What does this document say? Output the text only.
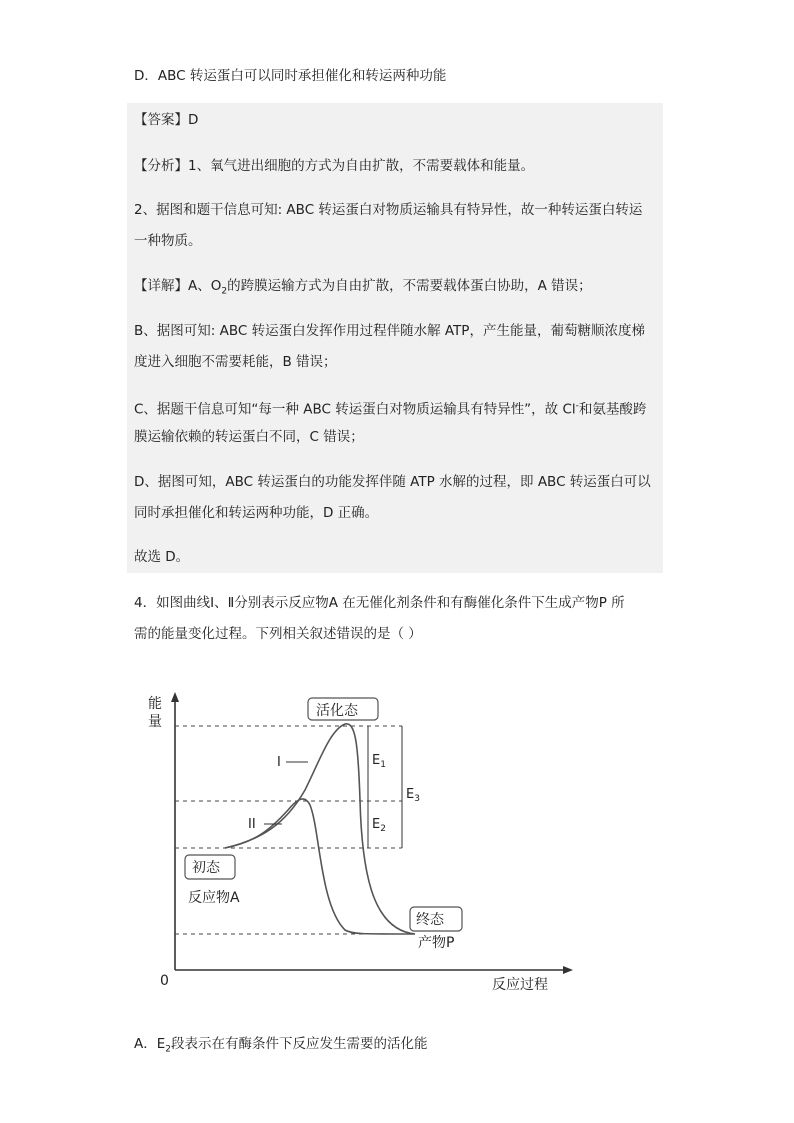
D．ABC 转运蛋白可以同时承担催化和转运两种功能
【答案】D
【分析】1、氧气进出细胞的方式为自由扩散，不需要载体和能量。
2、据图和题干信息可知: ABC 转运蛋白对物质运输具有特异性，故一种转运蛋白转运
一种物质。
【详解】A、$O_2$的跨膜运输方式为自由扩散，不需要载体蛋白协助，A 错误；
B、据图可知: ABC 转运蛋白发挥作用过程伴随水解 ATP，产生能量，葡萄糖顺浓度梯
度进入细胞不需要耗能，B 错误；
C、据题干信息可知“每一种 ABC 转运蛋白对物质运输具有特异性”，故 Cl-和氨基酸跨
膜运输依赖的转运蛋白不同，C 错误；
D、据图可知，ABC 转运蛋白的功能发挥伴随 ATP 水解的过程，即 ABC 转运蛋白可以
同时承担催化和转运两种功能，D 正确。
故选 D。
4．如图曲线Ⅰ、Ⅱ分别表示反应物A 在无催化剂条件和有酶催化条件下生成产物P 所
需的能量变化过程。下列相关叙述错误的是（ ）
能
量
0	反应过程
活化态
初态
反应物A
终态
产物P
I
II
$E_1$
$E_2$
$E_3$
A．$E_2$段表示在有酶条件下反应发生需要的活化能
